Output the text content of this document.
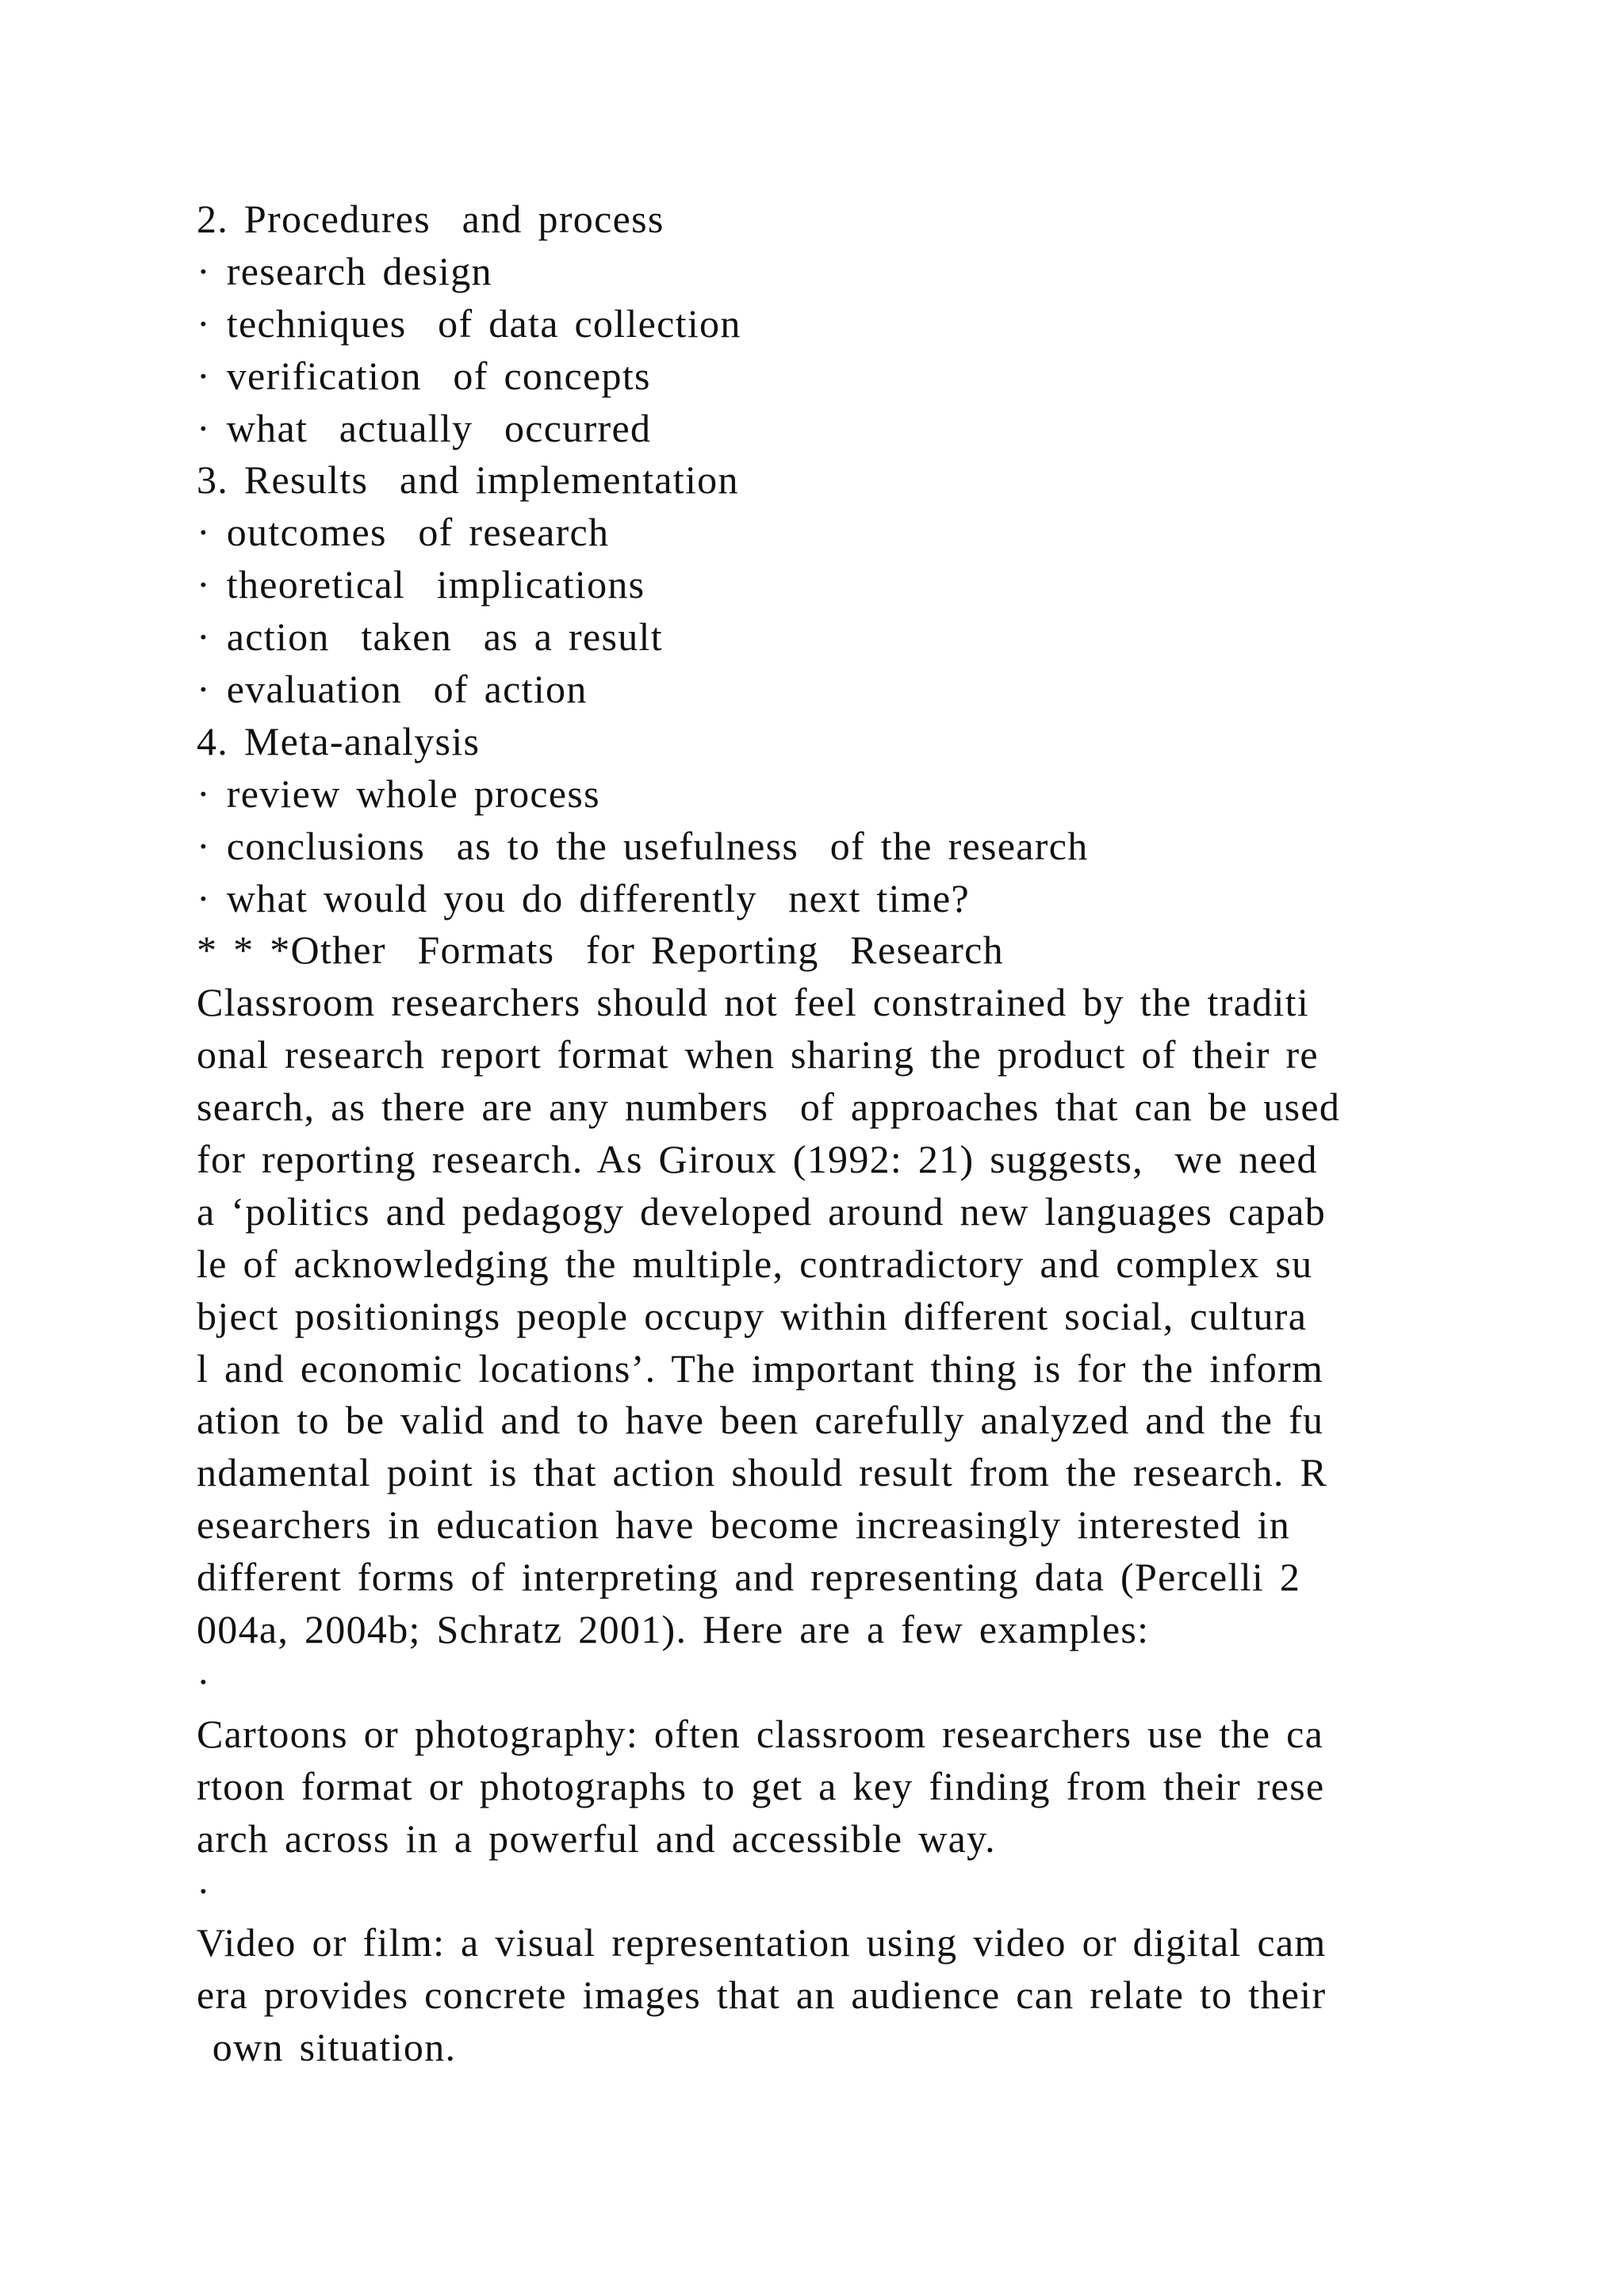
2. Procedures  and process
· research design
· techniques  of data collection
· verification  of concepts
· what  actually  occurred
3. Results  and implementation
· outcomes  of research
· theoretical  implications
· action  taken  as a result
· evaluation  of action
4. Meta-analysis
· review whole process
· conclusions  as to the usefulness  of the research
· what would you do differently  next time?
* * *Other  Formats  for Reporting  Research
Classroom researchers should not feel constrained by the traditi
onal research report format when sharing the product of their re
search, as there are any numbers  of approaches that can be used
for reporting research. As Giroux (1992: 21) suggests,  we need
a ‘politics and pedagogy developed around new languages capab
le of acknowledging the multiple, contradictory and complex su
bject positionings people occupy within different social, cultura
l and economic locations’. The important thing is for the inform
ation to be valid and to have been carefully analyzed and the fu
ndamental point is that action should result from the research. R
esearchers in education have become increasingly interested in
different forms of interpreting and representing data (Percelli 2
004a, 2004b; Schratz 2001). Here are a few examples:
·
Cartoons or photography: often classroom researchers use the ca
rtoon format or photographs to get a key finding from their rese
arch across in a powerful and accessible way.
·
Video or film: a visual representation using video or digital cam
era provides concrete images that an audience can relate to their
own situation.
